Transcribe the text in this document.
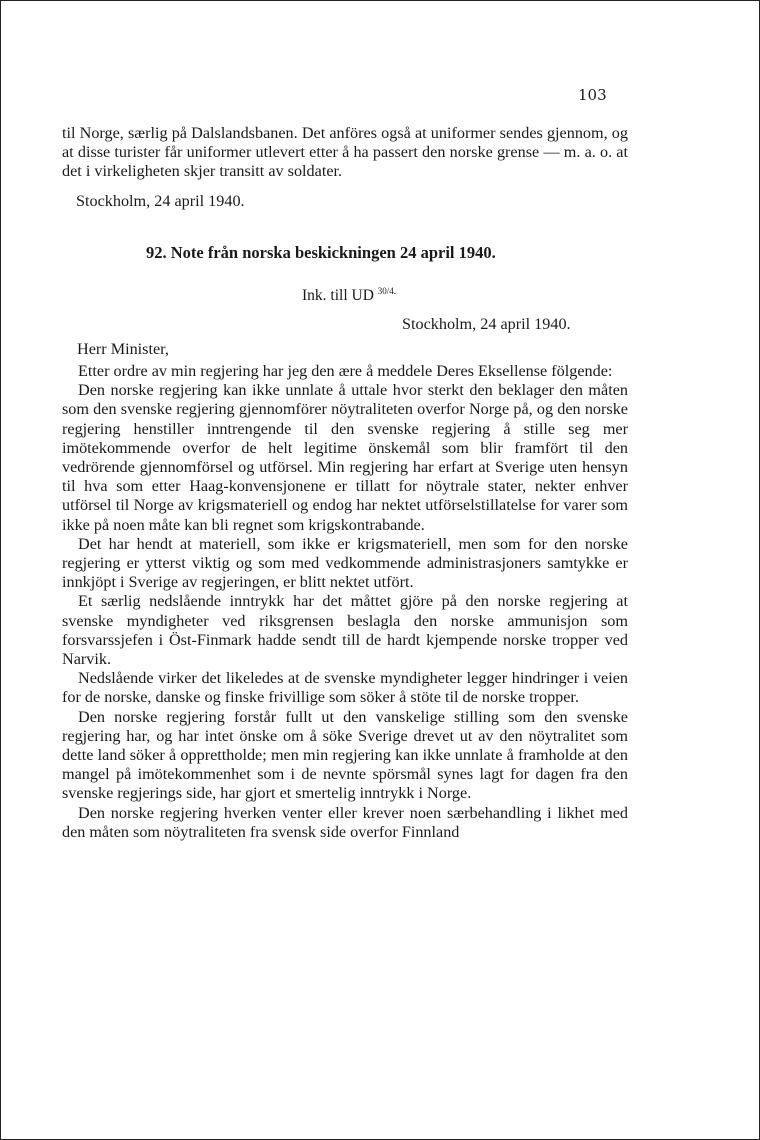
103

til Norge, særlig på Dalslandsbanen. Det anföres også at uniformer sendes gjennom, og at disse turister får uniformer utlevert etter å ha passert den norske grense — m. a. o. at det i virkeligheten skjer transitt av soldater.

Stockholm, 24 april 1940.
92. Note från norska beskickningen 24 april 1940.
Ink. till UD $^{30/4.}$
Stockholm, 24 april 1940.
Herr Minister,

Etter ordre av min regjering har jeg den ære å meddele Deres Eksellense fölgende:

Den norske regjering kan ikke unnlate å uttale hvor sterkt den beklager den måten som den svenske regjering gjennomförer nöytraliteten overfor Norge på, og den norske regjering henstiller inntrengende til den svenske regjering å stille seg mer imötekommende overfor de helt legitime önskemål som blir framfört til den vedrörende gjennomförsel og utförsel. Min regjering har erfart at Sverige uten hensyn til hva som etter Haag-konvensjonene er tillatt for nöytrale stater, nekter enhver utförsel til Norge av krigsmateriell og endog har nektet utförselstillatelse for varer som ikke på noen måte kan bli regnet som krigskontrabande.

Det har hendt at materiell, som ikke er krigsmateriell, men som for den norske regjering er ytterst viktig og som med vedkommende administrasjoners samtykke er innkjöpt i Sverige av regjeringen, er blitt nektet utfört.

Et særlig nedslående inntrykk har det måttet gjöre på den norske regjering at svenske myndigheter ved riksgrensen beslagla den norske ammunisjon som forsvarssjefen i Öst-Finmark hadde sendt till de hardt kjempende norske tropper ved Narvik.

Nedslående virker det likeledes at de svenske myndigheter legger hindringer i veien for de norske, danske og finske frivillige som söker å stöte til de norske tropper.

Den norske regjering forstår fullt ut den vanskelige stilling som den svenske regjering har, og har intet önske om å söke Sverige drevet ut av den nöytralitet som dette land söker å opprettholde; men min regjering kan ikke unnlate å framholde at den mangel på imötekommenhet som i de nevnte spörsmål synes lagt for dagen fra den svenske regjerings side, har gjort et smertelig inntrykk i Norge.

Den norske regjering hverken venter eller krever noen særbehandling i likhet med den måten som nöytraliteten fra svensk side overfor Finnland
